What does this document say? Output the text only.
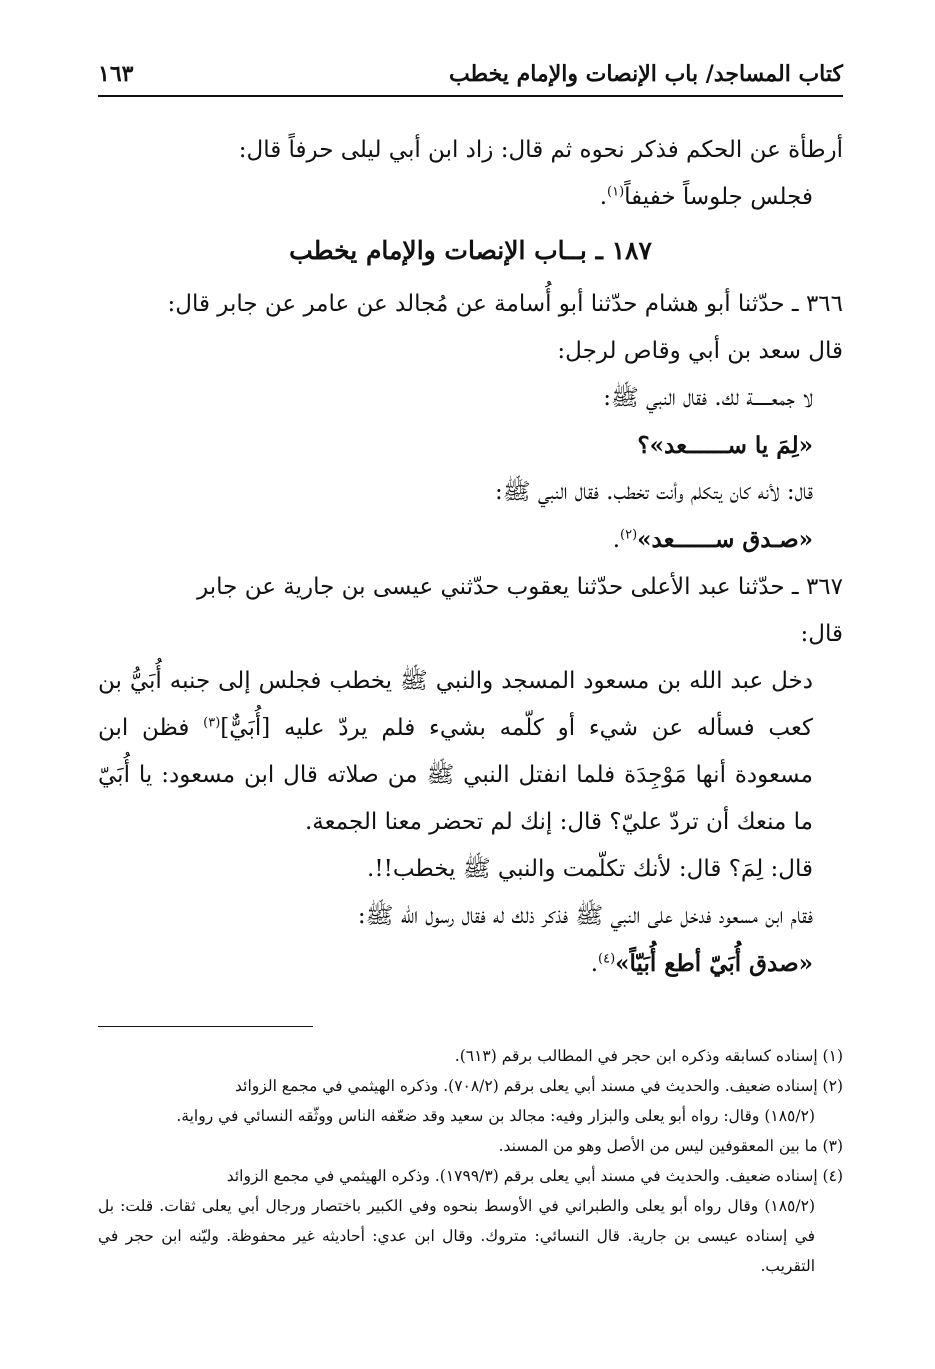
كتاب المساجد/ باب الإنصات والإمام يخطب
١٦٣

أرطأة عن الحكم فذكر نحوه ثم قال: زاد ابن أبي ليلى حرفاً قال:

فجلس جلوساً خفيفاً$^{(١)}$.

١٨٧ ـ بــاب الإنصات والإمام يخطب

٣٦٦ ـ حدّثنا أبو هشام حدّثنا أبو أُسامة عن مُجالد عن عامر عن جابر قال:

قال سعد بن أبي وقاص لرجل:

لا جمعــــــة لك. فقال النبي ﷺ:

«لِمَ يا ســــــعد»؟

قال: لأنه كان يتكلم وأنت تخطب. فقال النبي ﷺ:

«صـدق ســــــعد»$^{(٢)}$.

٣٦٧ ـ حدّثنا عبد الأعلى حدّثنا يعقوب حدّثني عيسى بن جارية عن جابر

قال:

دخل عبد الله بن مسعود المسجد والنبي ﷺ يخطب فجلس إلى جنبه أُبَيُّ بن كعب فسأله عن شيء أو كلّمه بشيء فلم يردّ عليه [أُبَيٌّ]$^{(٣)}$ فظن ابن مسعودة أنها مَوْجِدَة فلما انفتل النبي ﷺ من صلاته قال ابن مسعود: يا أُبَيّ ما منعك أن تردّ عليّ؟ قال: إنك لم تحضر معنا الجمعة.

قال: لِمَ؟ قال: لأنك تكلّمت والنبي ﷺ يخطب!!.

فقام ابن مسعود فدخل على النبي ﷺ فذكر ذلك له فقال رسول الله ﷺ:

«صدق أُبَيّ أطع أُبَيّاً»$^{(٤)}$.

(١) إسناده كسابقه وذكره ابن حجر في المطالب برقم (٦١٣).

(٢) إسناده ضعيف. والحديث في مسند أبي يعلى برقم (٧٠٨/٢). وذكره الهيثمي في مجمع الزوائد

(١٨٥/٢) وقال: رواه أبو يعلى والبزار وفيه: مجالد بن سعيد وقد ضعّفه الناس ووثّقه النسائي في رواية.

(٣) ما بين المعقوفين ليس من الأصل وهو من المسند.

(٤) إسناده ضعيف. والحديث في مسند أبي يعلى برقم (١٧٩٩/٣). وذكره الهيثمي في مجمع الزوائد

(١٨٥/٢) وقال رواه أبو يعلى والطبراني في الأوسط بنحوه وفي الكبير باختصار ورجال أبي يعلى ثقات. قلت: بل في إسناده عيسى بن جارية. قال النسائي: متروك. وقال ابن عدي: أحاديثه غير محفوظة. وليّنه ابن حجر في التقريب.
